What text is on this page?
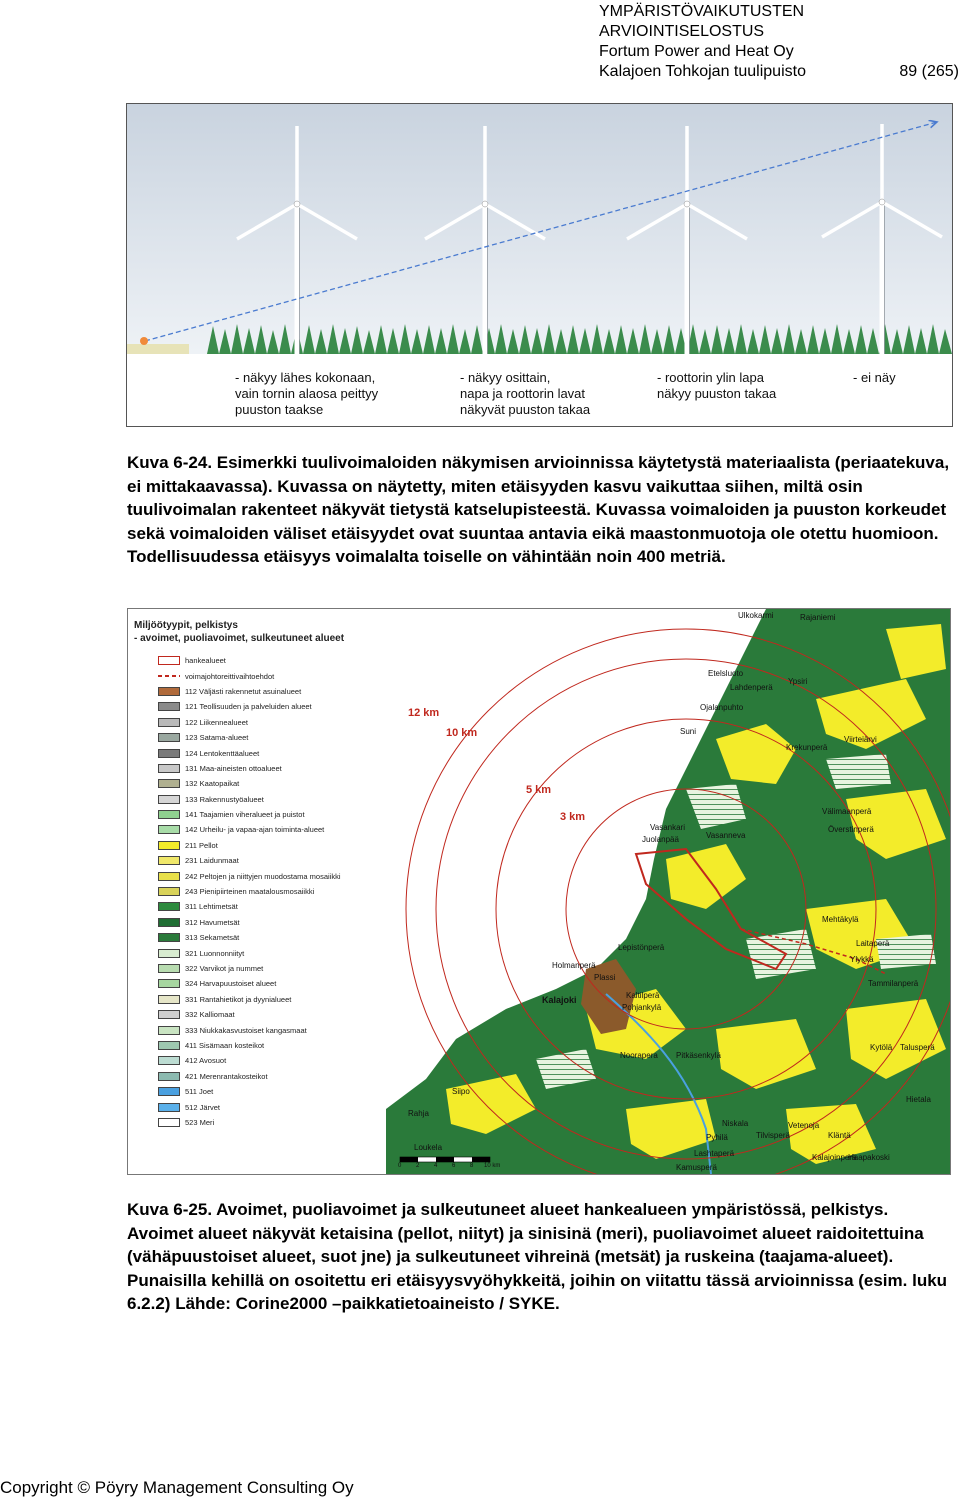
YMPÄRISTÖVAIKUTUSTEN
ARVIOINTISELOSTUS
Fortum Power and Heat Oy
Kalajoen Tohkojan tuulipuisto	89 (265)
- näkyy lähes kokonaan, vain tornin alaosa peittyy puuston taakse
- näkyy osittain, napa ja roottorin lavat näkyvät puuston takaa
- roottorin ylin lapa näkyy puuston takaa
- ei näy
Kuva 6-24. Esimerkki tuulivoimaloiden näkymisen arvioinnissa käytetystä materiaalista (periaatekuva, ei mittakaavassa). Kuvassa on näytetty, miten etäisyyden kasvu vaikuttaa siihen, miltä osin tuulivoimalan rakenteet näkyvät tietystä katselupisteestä. Kuvassa voimaloiden ja puuston korkeudet sekä voimaloiden väliset etäisyydet ovat suuntaa antavia eikä maastonmuotoja ole otettu huomioon. Todellisuudessa etäisyys voimalalta toiselle on vähintään noin 400 metriä.
Miljöötyypit, pelkistys
- avoimet, puoliavoimet, sulkeutuneet alueet
hankealueet
voimajohtoreittivaihtoehdot
112 Väljästi rakennetut asuinalueet
121 Teollisuuden ja palveluiden alueet
122 Liikennealueet
123 Satama-alueet
124 Lentokenttäalueet
131 Maa-aineisten ottoalueet
132 Kaatopaikat
133 Rakennustyöalueet
141 Taajamien viheralueet ja puistot
142 Urheilu- ja vapaa-ajan toiminta-alueet
211 Pellot
231 Laidunmaat
242 Peltojen ja niittyjen muodostama mosaiikki
243 Pienipiirteinen maatalousmosaiikki
311 Lehtimetsät
312 Havumetsät
313 Sekametsät
321 Luonnonniityt
322 Varvikot ja nummet
324 Harvapuustoiset alueet
331 Rantahietikot ja dyynialueet
332 Kalliomaat
333 Niukkakasvustoiset kangasmaat
411 Sisämaan kosteikot
412 Avosuot
421 Merenrantakosteikot
511 Joet
512 Järvet
523 Meri
12 km
10 km
5 km
3 km
Rajaniemi
Ulkokarmi
Etelsluoto
Lahdenperä
Ypsiri
Ojalanpuhto
Suni
Krekunperä
Viirteiärvi
Välimaanperä
Överstinperä
Vasankari
Juolanpää	Vasanneva
Mehtäkylä
Laitaperä
Ylykkä
Tammilanperä
Lepistönperä
Holmanperä
Plassi
Kalajoki	Kaltilperä
Pohjankylä
Kytölä Talusperä
Noorapera Pitkäsenkylä
Siipo
Rahja
Hietala
Niskala	Vetenoja
Kläntä
Tilvisperä
Loukela
Pyhilä
Lashtaperä
Kamusperä
Kalajoinperä
Haapakoski
0 2 4 6 8 10 km
Kuva 6-25. Avoimet, puoliavoimet ja sulkeutuneet alueet hankealueen ympäristössä, pelkistys. Avoimet alueet näkyvät ketaisina (pellot, niityt) ja sinisinä (meri), puoliavoimet alueet raidoitettuina (vähäpuustoiset alueet, suot jne) ja sulkeutuneet vihreinä (metsät) ja ruskeina (taajama-alueet). Punaisilla kehillä on osoitettu eri etäisyysvyöhykkeitä, joihin on viitattu tässä arvioinnissa (esim. luku 6.2.2) Lähde: Corine2000 –paikkatietoaineisto / SYKE.
Copyright © Pöyry Management Consulting Oy
